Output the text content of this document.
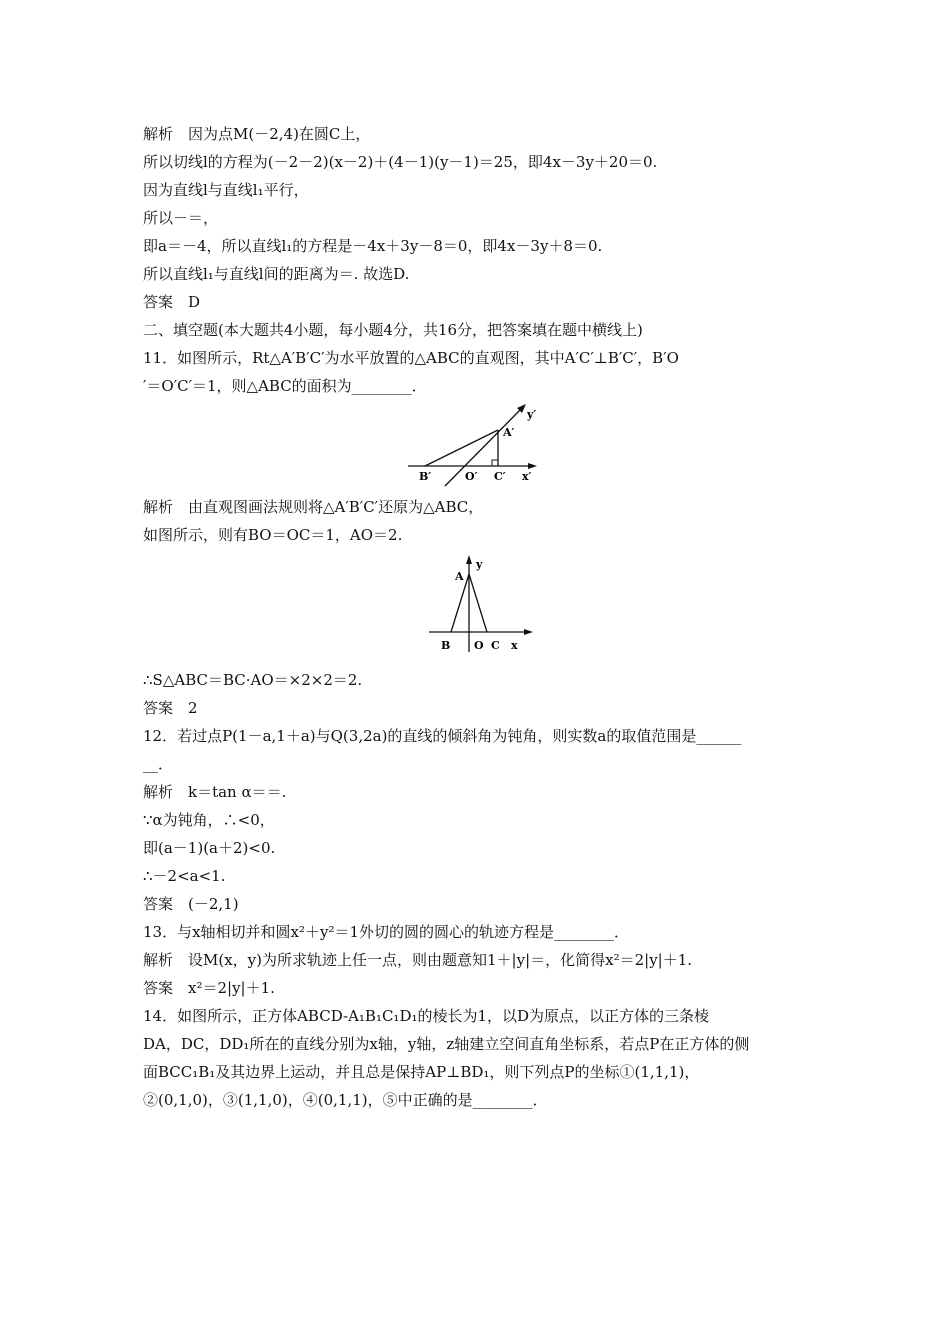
解析　因为点M(－2,4)在圆C上，
所以切线l的方程为(－2－2)(x－2)＋(4－1)(y－1)＝25，即4x－3y＋20＝0.
因为直线l与直线l₁平行，
所以－＝，
即a＝－4，所以直线l₁的方程是－4x＋3y－8＝0，即4x－3y＋8＝0.
所以直线l₁与直线l间的距离为＝. 故选D.
答案　D
二、填空题(本大题共4小题，每小题4分，共16分，把答案填在题中横线上)
11．如图所示，Rt△A′B′C′为水平放置的△ABC的直观图，其中A′C′⊥B′C′，B′O
′＝O′C′＝1，则△ABC的面积为________．
y′
A′
B′	O′ C′ x′
解析　由直观图画法规则将△A′B′C′还原为△ABC，
如图所示，则有BO＝OC＝1，AO＝2.
y
A
B O C x
∴S△ABC＝BC·AO＝×2×2＝2.
答案　2
12．若过点P(1－a,1＋a)与Q(3,2a)的直线的倾斜角为钝角，则实数a的取值范围是______
__．
解析　k＝tan α＝＝.
∵α为钝角，∴<0，
即(a－1)(a＋2)<0.
∴－2<a<1.
答案　(－2,1)
13．与x轴相切并和圆x²＋y²＝1外切的圆的圆心的轨迹方程是________．
解析　设M(x，y)为所求轨迹上任一点，则由题意知1＋|y|＝，化简得x²＝2|y|＋1.
答案　x²＝2|y|＋1.
14．如图所示，正方体ABCD-A₁B₁C₁D₁的棱长为1，以D为原点，以正方体的三条棱
DA，DC，DD₁所在的直线分别为x轴，y轴，z轴建立空间直角坐标系，若点P在正方体的侧
面BCC₁B₁及其边界上运动，并且总是保持AP⊥BD₁，则下列点P的坐标①(1,1,1)，
②(0,1,0)，③(1,1,0)，④(0,1,1)，⑤中正确的是________．
